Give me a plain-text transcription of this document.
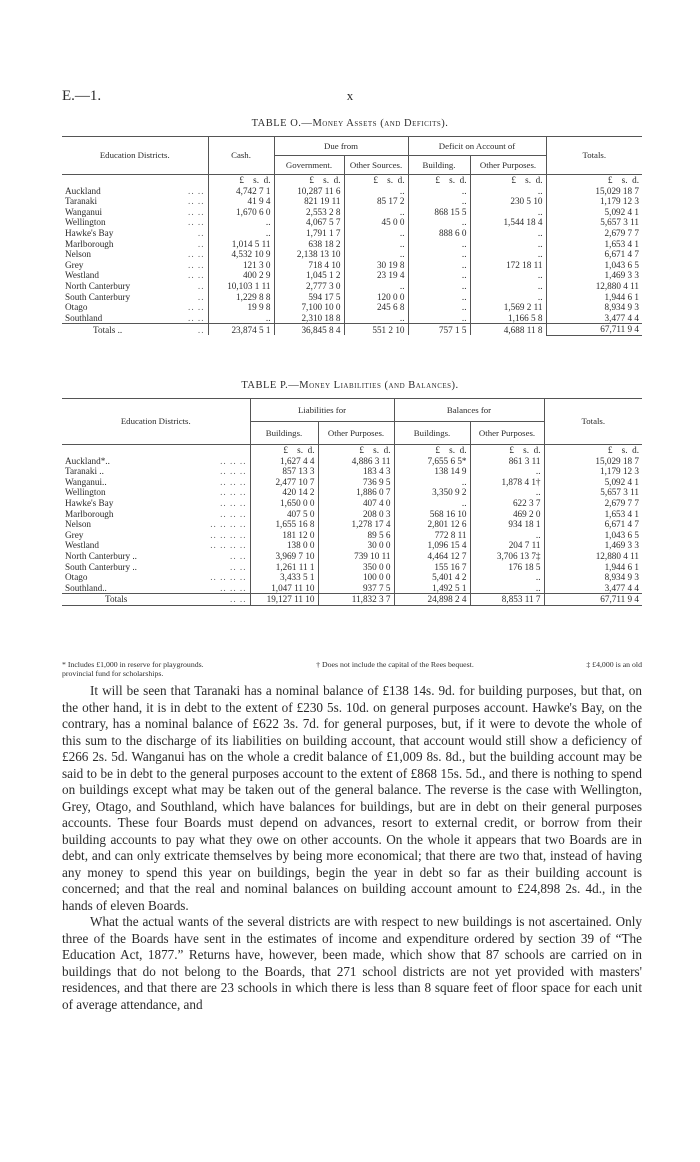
E.—1.	x
TABLE O.—Money Assets (and Deficits).
Education Districts.	Cash.	Due from		Deficit on Account of		Totals.
		Government.	Other Sources.	Building.	Other Purposes.	
	£    s.  d.	£    s.  d.	£    s.  d.	£    s.  d.	£    s.  d.	£    s.  d.
Auckland .. ..	4,742 7 1	10,287 11 6	..	..	..	15,029 18 7
Taranaki .. ..	41 9 4	821 19 11	85 17 2	..	230 5 10	1,179 12 3
Wanganui .. ..	1,670 6 0	2,553 2 8	..	868 15 5	..	5,092 4 1
Wellington .. ..	..	4,067 5 7	45 0 0	..	1,544 18 4	5,657 3 11
Hawke's Bay ..	..	1,791 1 7	..	888 6 0	..	2,679 7 7
Marlborough ..	1,014 5 11	638 18 2	..	..	..	1,653 4 1
Nelson .. ..	4,532 10 9	2,138 13 10	..	..	..	6,671 4 7
Grey .. ..	121 3 0	718 4 10	30 19 8	..	172 18 11	1,043 6 5
Westland .. ..	400 2 9	1,045 1 2	23 19 4	..	..	1,469 3 3
North Canterbury ..	10,103 1 11	2,777 3 0	..	..	..	12,880 4 11
South Canterbury ..	1,229 8 8	594 17 5	120 0 0	..	..	1,944 6 1
Otago .. ..	19 9 8	7,100 10 0	245 6 8	..	1,569 2 11	8,934 9 3
Southland .. ..	..	2,310 18 8	..	..	1,166 5 8	3,477 4 4
Totals .. ..	23,874 5 1	36,845 8 4	551 2 10	757 1 5	4,688 11 8	67,711 9 4
TABLE P.—Money Liabilities (and Balances).
Education Districts.	Liabilities for		Balances for		Totals.
	Buildings.	Other Purposes.	Buildings.	Other Purposes.	
	£    s.  d.	£    s.  d.	£    s.  d.	£    s.  d.	£    s.  d.
Auckland*.. .. .. ..	1,627 4 4	4,886 3 11	7,655 6 5*	861 3 11	15,029 18 7
Taranaki .. .. .. ..	857 13 3	183 4 3	138 14 9	..	1,179 12 3
Wanganui.. .. .. ..	2,477 10 7	736 9 5	..	1,878 4 1†	5,092 4 1
Wellington .. .. ..	420 14 2	1,886 0 7	3,350 9 2	..	5,657 3 11
Hawke's Bay .. .. ..	1,650 0 0	407 4 0	..	622 3 7	2,679 7 7
Marlborough .. .. ..	407 5 0	208 0 3	568 16 10	469 2 0	1,653 4 1
Nelson .. .. .. ..	1,655 16 8	1,278 17 4	2,801 12 6	934 18 1	6,671 4 7
Grey .. .. .. ..	181 12 0	89 5 6	772 8 11	..	1,043 6 5
Westland .. .. .. ..	138 0 0	30 0 0	1,096 15 4	204 7 11	1,469 3 3
North Canterbury .. .. ..	3,969 7 10	739 10 11	4,464 12 7	3,706 13 7‡	12,880 4 11
South Canterbury .. .. ..	1,261 11 1	350 0 0	155 16 7	176 18 5	1,944 6 1
Otago .. .. .. ..	3,433 5 1	100 0 0	5,401 4 2	..	8,934 9 3
Southland.. .. .. ..	1,047 11 10	937 7 5	1,492 5 1	..	3,477 4 4
Totals .. ..	19,127 11 10	11,832 3 7	24,898 2 4	8,853 11 7	67,711 9 4
* Includes £1,000 in reserve for playgrounds.	† Does not include the capital of the Rees bequest.	‡ £4,000 is an old
provincial fund for scholarships.

It will be seen that Taranaki has a nominal balance of £138 14s. 9d. for building purposes, but that, on the other hand, it is in debt to the extent of £230 5s. 10d. on general purposes account. Hawke's Bay, on the contrary, has a nominal balance of £622 3s. 7d. for general purposes, but, if it were to devote the whole of this sum to the discharge of its liabilities on building account, that account would still show a deficiency of £266 2s. 5d. Wanganui has on the whole a credit balance of £1,009 8s. 8d., but the building account may be said to be in debt to the general purposes account to the extent of £868 15s. 5d., and there is nothing to spend on buildings except what may be taken out of the general balance. The reverse is the case with Wellington, Grey, Otago, and Southland, which have balances for buildings, but are in debt on their general purposes accounts. These four Boards must depend on advances, resort to external credit, or borrow from their building accounts to pay what they owe on other accounts. On the whole it appears that two Boards are in debt, and can only extricate themselves by being more economical; that there are two that, instead of having any money to spend this year on buildings, begin the year in debt so far as their building account is concerned; and that the real and nominal balances on building account amount to £24,898 2s. 4d., in the hands of eleven Boards.

What the actual wants of the several districts are with respect to new buildings is not ascertained. Only three of the Boards have sent in the estimates of income and expenditure ordered by section 39 of “The Education Act, 1877.” Returns have, however, been made, which show that 87 schools are carried on in buildings that do not belong to the Boards, that 271 school districts are not yet provided with masters' residences, and that there are 23 schools in which there is less than 8 square feet of floor space for each unit of average attendance, and
